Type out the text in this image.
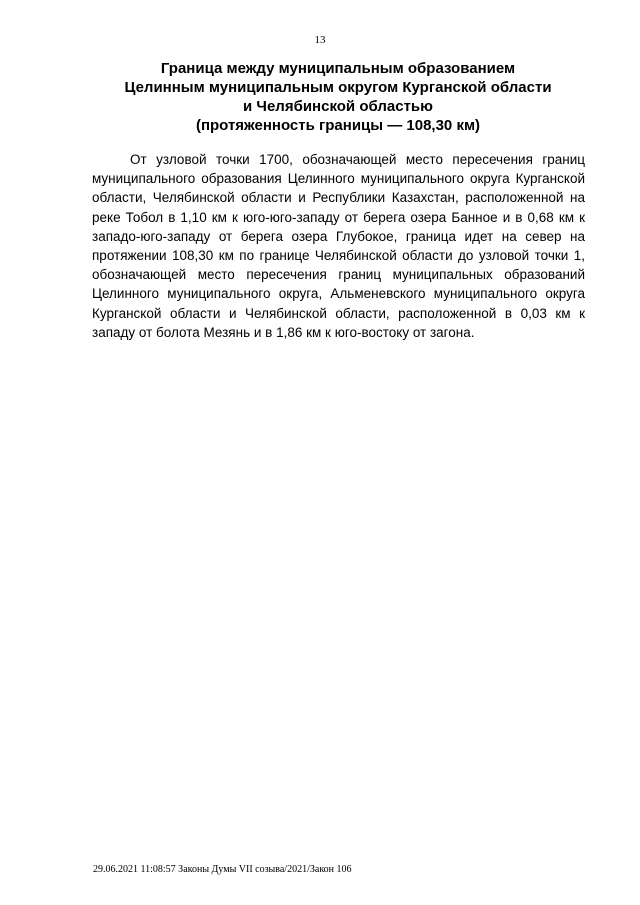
13
Граница между муниципальным образованием
Целинным муниципальным округом Курганской области
и Челябинской областью
(протяженность границы — 108,30 км)

От узловой точки 1700, обозначающей место пересечения границ муниципального образования Целинного муниципального округа Курганской области, Челябинской области и Республики Казахстан, расположенной на реке Тобол в 1,10 км к юго-юго-западу от берега озера Банное и в 0,68 км к западо-юго-западу от берега озера Глубокое, граница идет на север на протяжении 108,30 км по границе Челябинской области до узловой точки 1, обозначающей место пересечения границ муниципальных образований Целинного муниципального округа, Альменевского муниципального округа Курганской области и Челябинской области, расположенной в 0,03 км к западу от болота Мезянь и в 1,86 км к юго-востоку от загона.

29.06.2021 11:08:57 Законы Думы VII созыва/2021/Закон 106
